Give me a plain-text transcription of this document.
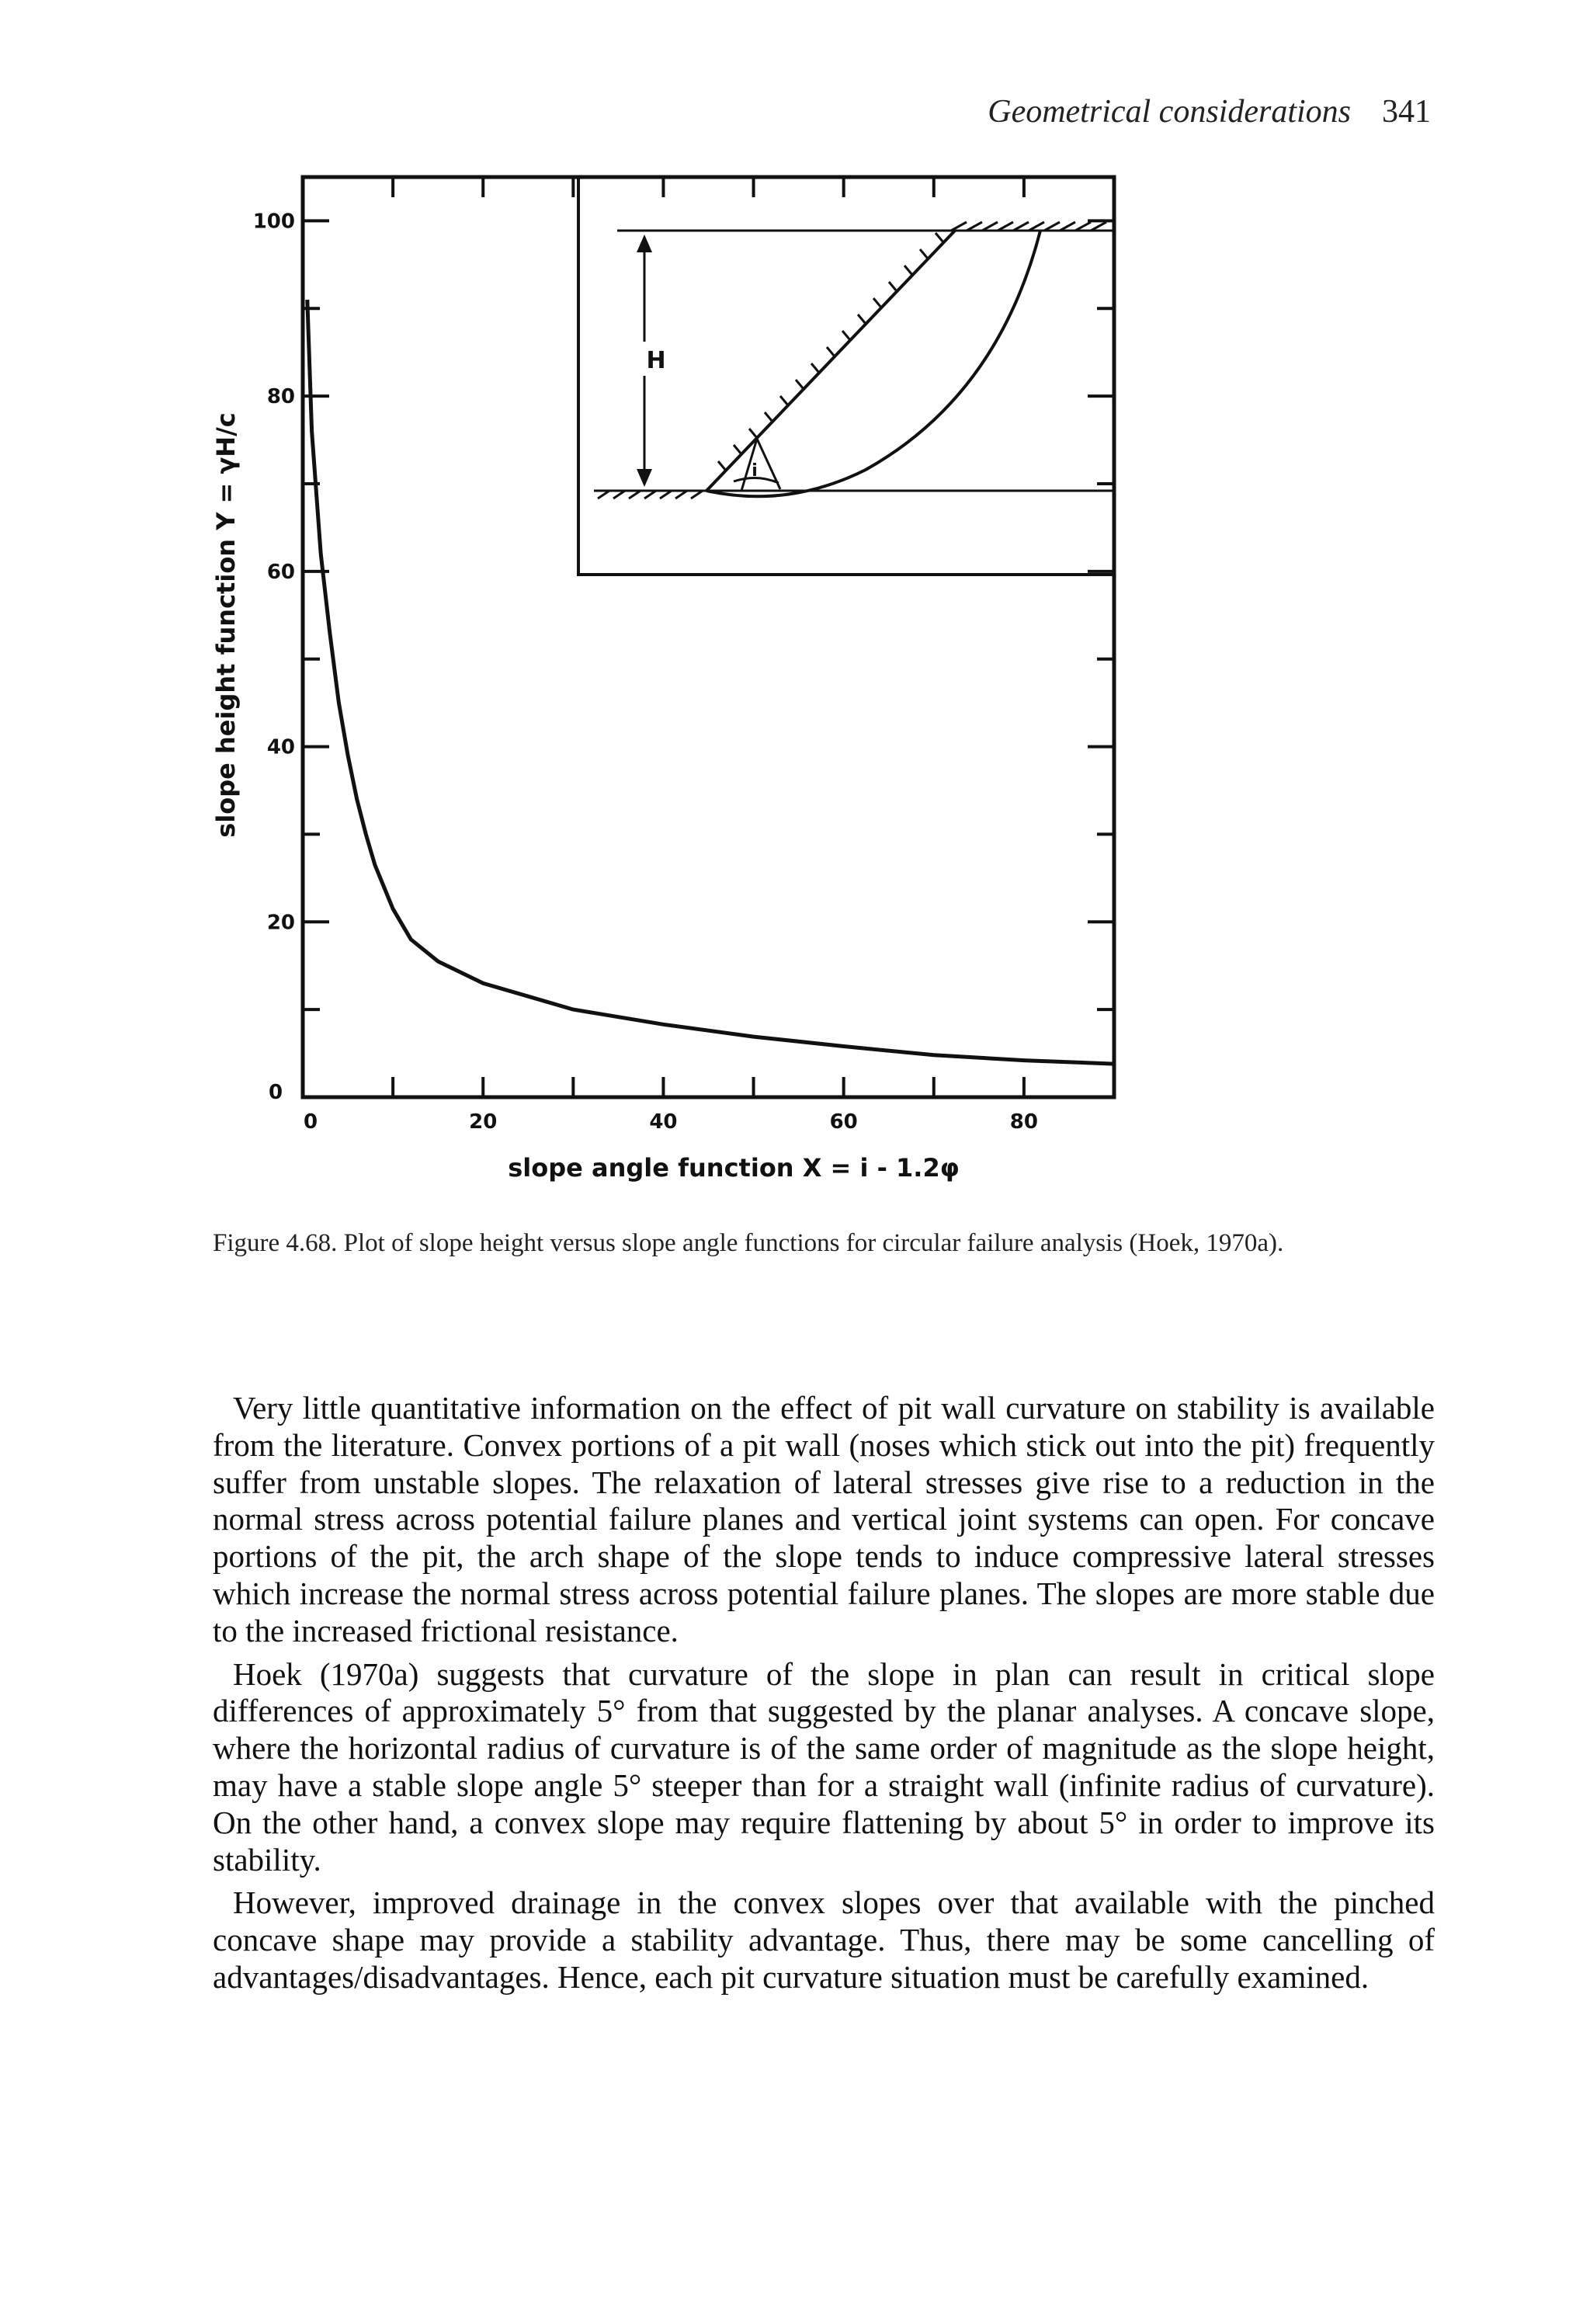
Geometrical considerations 341
20
40
60
80
100
0	20	40	60	80
0
i
H
slope angle function X = i - 1.2φ
slope height function Y = γH/c
Figure 4.68. Plot of slope height versus slope angle functions for circular failure analysis (Hoek, 1970a).

Very little quantitative information on the effect of pit wall curvature on stability is available from the literature. Convex portions of a pit wall (noses which stick out into the pit) frequently suffer from unstable slopes. The relaxation of lateral stresses give rise to a reduction in the normal stress across potential failure planes and vertical joint systems can open. For concave portions of the pit, the arch shape of the slope tends to induce compressive lateral stresses which increase the normal stress across potential failure planes. The slopes are more stable due to the increased frictional resistance.

Hoek (1970a) suggests that curvature of the slope in plan can result in critical slope differences of approximately 5° from that suggested by the planar analyses. A concave slope, where the horizontal radius of curvature is of the same order of magnitude as the slope height, may have a stable slope angle 5° steeper than for a straight wall (infinite radius of curvature). On the other hand, a convex slope may require flattening by about 5° in order to improve its stability.

However, improved drainage in the convex slopes over that available with the pinched concave shape may provide a stability advantage. Thus, there may be some cancelling of advantages/disadvantages. Hence, each pit curvature situation must be carefully examined.
